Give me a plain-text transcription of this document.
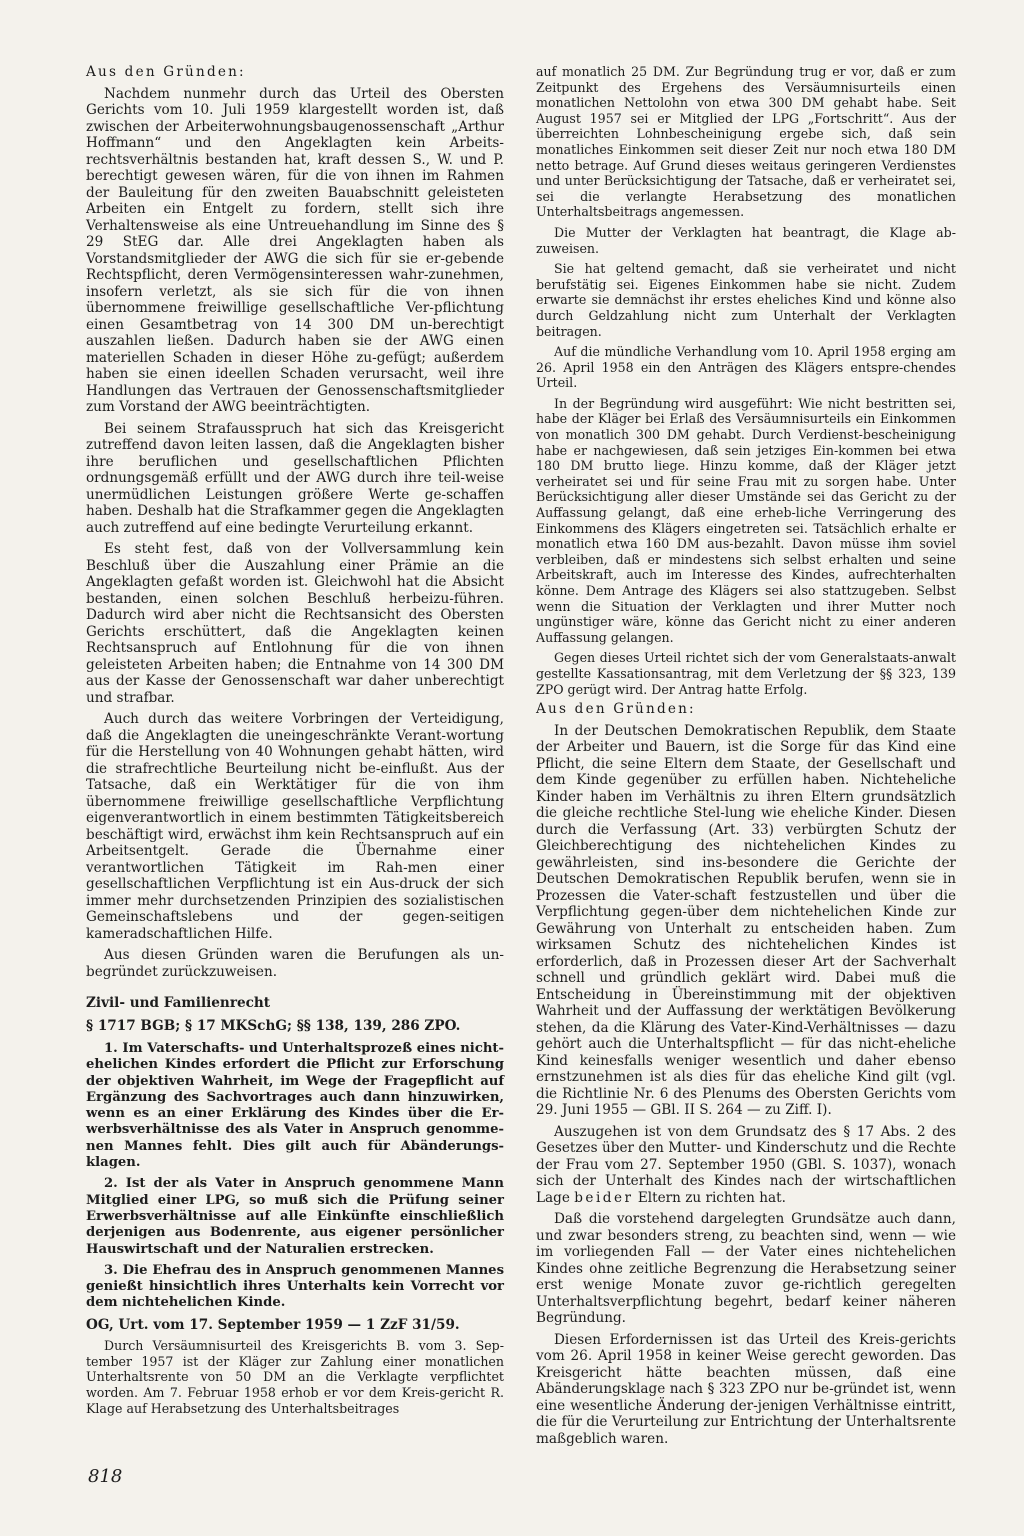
Aus den Gründen:

Nachdem nunmehr durch das Urteil des Obersten Gerichts vom 10. Juli 1959 klargestellt worden ist, daß zwischen der Arbeiterwohnungsbaugenossenschaft „Arthur Hoffmann“ und den Angeklagten kein Arbeits-rechtsverhältnis bestanden hat, kraft dessen S., W. und P. berechtigt gewesen wären, für die von ihnen im Rahmen der Bauleitung für den zweiten Bauabschnitt geleisteten Arbeiten ein Entgelt zu fordern, stellt sich ihre Verhaltensweise als eine Untreuehandlung im Sinne des § 29 StEG dar. Alle drei Angeklagten haben als Vorstandsmitglieder der AWG die sich für sie er-gebende Rechtspflicht, deren Vermögensinteressen wahr-zunehmen, insofern verletzt, als sie sich für die von ihnen übernommene freiwillige gesellschaftliche Ver-pflichtung einen Gesamtbetrag von 14 300 DM un-berechtigt auszahlen ließen. Dadurch haben sie der AWG einen materiellen Schaden in dieser Höhe zu-gefügt; außerdem haben sie einen ideellen Schaden verursacht, weil ihre Handlungen das Vertrauen der Genossenschaftsmitglieder zum Vorstand der AWG beeinträchtigten.

Bei seinem Strafausspruch hat sich das Kreisgericht zutreffend davon leiten lassen, daß die Angeklagten bisher ihre beruflichen und gesellschaftlichen Pflichten ordnungsgemäß erfüllt und der AWG durch ihre teil-weise unermüdlichen Leistungen größere Werte ge-schaffen haben. Deshalb hat die Strafkammer gegen die Angeklagten auch zutreffend auf eine bedingte Verurteilung erkannt.

Es steht fest, daß von der Vollversammlung kein Beschluß über die Auszahlung einer Prämie an die Angeklagten gefaßt worden ist. Gleichwohl hat die Absicht bestanden, einen solchen Beschluß herbeizu-führen. Dadurch wird aber nicht die Rechtsansicht des Obersten Gerichts erschüttert, daß die Angeklagten keinen Rechtsanspruch auf Entlohnung für die von ihnen geleisteten Arbeiten haben; die Entnahme von 14 300 DM aus der Kasse der Genossenschaft war daher unberechtigt und strafbar.

Auch durch das weitere Vorbringen der Verteidigung, daß die Angeklagten die uneingeschränkte Verant-wortung für die Herstellung von 40 Wohnungen gehabt hätten, wird die strafrechtliche Beurteilung nicht be-einflußt. Aus der Tatsache, daß ein Werktätiger für die von ihm übernommene freiwillige gesellschaftliche Verpflichtung eigenverantwortlich in einem bestimmten Tätigkeitsbereich beschäftigt wird, erwächst ihm kein Rechtsanspruch auf ein Arbeitsentgelt. Gerade die Übernahme einer verantwortlichen Tätigkeit im Rah-men einer gesellschaftlichen Verpflichtung ist ein Aus-druck der sich immer mehr durchsetzenden Prinzipien des sozialistischen Gemeinschaftslebens und der gegen-seitigen kameradschaftlichen Hilfe.

Aus diesen Gründen waren die Berufungen als un-begründet zurückzuweisen.

Zivil- und Familienrecht

§ 1717 BGB; § 17 MKSchG; §§ 138, 139, 286 ZPO.

1. Im Vaterschafts- und Unterhaltsprozeß eines nicht-ehelichen Kindes erfordert die Pflicht zur Erforschung der objektiven Wahrheit, im Wege der Fragepflicht auf Ergänzung des Sachvortrages auch dann hinzuwirken, wenn es an einer Erklärung des Kindes über die Er-werbsverhältnisse des als Vater in Anspruch genomme-nen Mannes fehlt. Dies gilt auch für Abänderungs-klagen.

2. Ist der als Vater in Anspruch genommene Mann Mitglied einer LPG, so muß sich die Prüfung seiner Erwerbsverhältnisse auf alle Einkünfte einschließlich derjenigen aus Bodenrente, aus eigener persönlicher Hauswirtschaft und der Naturalien erstrecken.

3. Die Ehefrau des in Anspruch genommenen Mannes genießt hinsichtlich ihres Unterhalts kein Vorrecht vor dem nichtehelichen Kinde.

OG, Urt. vom 17. September 1959 — 1 ZzF 31/59.

Durch Versäumnisurteil des Kreisgerichts B. vom 3. Sep-tember 1957 ist der Kläger zur Zahlung einer monatlichen Unterhaltsrente von 50 DM an die Verklagte verpflichtet worden. Am 7. Februar 1958 erhob er vor dem Kreis-gericht R. Klage auf Herabsetzung des Unterhaltsbeitrages

auf monatlich 25 DM. Zur Begründung trug er vor, daß er zum Zeitpunkt des Ergehens des Versäumnisurteils einen monatlichen Nettolohn von etwa 300 DM gehabt habe. Seit August 1957 sei er Mitglied der LPG „Fortschritt“. Aus der überreichten Lohnbescheinigung ergebe sich, daß sein monatliches Einkommen seit dieser Zeit nur noch etwa 180 DM netto betrage. Auf Grund dieses weitaus geringeren Verdienstes und unter Berücksichtigung der Tatsache, daß er verheiratet sei, sei die verlangte Herabsetzung des monatlichen Unterhaltsbeitrags angemessen.

Die Mutter der Verklagten hat beantragt, die Klage ab-zuweisen.

Sie hat geltend gemacht, daß sie verheiratet und nicht berufstätig sei. Eigenes Einkommen habe sie nicht. Zudem erwarte sie demnächst ihr erstes eheliches Kind und könne also durch Geldzahlung nicht zum Unterhalt der Verklagten beitragen.

Auf die mündliche Verhandlung vom 10. April 1958 erging am 26. April 1958 ein den Anträgen des Klägers entspre-chendes Urteil.

In der Begründung wird ausgeführt: Wie nicht bestritten sei, habe der Kläger bei Erlaß des Versäumnisurteils ein Einkommen von monatlich 300 DM gehabt. Durch Verdienst-bescheinigung habe er nachgewiesen, daß sein jetziges Ein-kommen bei etwa 180 DM brutto liege. Hinzu komme, daß der Kläger jetzt verheiratet sei und für seine Frau mit zu sorgen habe. Unter Berücksichtigung aller dieser Umstände sei das Gericht zu der Auffassung gelangt, daß eine erheb-liche Verringerung des Einkommens des Klägers eingetreten sei. Tatsächlich erhalte er monatlich etwa 160 DM aus-bezahlt. Davon müsse ihm soviel verbleiben, daß er mindestens sich selbst erhalten und seine Arbeitskraft, auch im Interesse des Kindes, aufrechterhalten könne. Dem Antrage des Klägers sei also stattzugeben. Selbst wenn die Situation der Verklagten und ihrer Mutter noch ungünstiger wäre, könne das Gericht nicht zu einer anderen Auffassung gelangen.

Gegen dieses Urteil richtet sich der vom Generalstaats-anwalt gestellte Kassationsantrag, mit dem Verletzung der §§ 323, 139 ZPO gerügt wird. Der Antrag hatte Erfolg.

Aus den Gründen:

In der Deutschen Demokratischen Republik, dem Staate der Arbeiter und Bauern, ist die Sorge für das Kind eine Pflicht, die seine Eltern dem Staate, der Gesellschaft und dem Kinde gegenüber zu erfüllen haben. Nichteheliche Kinder haben im Verhältnis zu ihren Eltern grundsätzlich die gleiche rechtliche Stel-lung wie eheliche Kinder. Diesen durch die Verfassung (Art. 33) verbürgten Schutz der Gleichberechtigung des nichtehelichen Kindes zu gewährleisten, sind ins-besondere die Gerichte der Deutschen Demokratischen Republik berufen, wenn sie in Prozessen die Vater-schaft festzustellen und über die Verpflichtung gegen-über dem nichtehelichen Kinde zur Gewährung von Unterhalt zu entscheiden haben. Zum wirksamen Schutz des nichtehelichen Kindes ist erforderlich, daß in Prozessen dieser Art der Sachverhalt schnell und gründlich geklärt wird. Dabei muß die Entscheidung in Übereinstimmung mit der objektiven Wahrheit und der Auffassung der werktätigen Bevölkerung stehen, da die Klärung des Vater-Kind-Verhältnisses — dazu gehört auch die Unterhaltspflicht — für das nicht-eheliche Kind keinesfalls weniger wesentlich und daher ebenso ernstzunehmen ist als dies für das eheliche Kind gilt (vgl. die Richtlinie Nr. 6 des Plenums des Obersten Gerichts vom 29. Juni 1955 — GBl. II S. 264 — zu Ziff. I).

Auszugehen ist von dem Grundsatz des § 17 Abs. 2 des Gesetzes über den Mutter- und Kinderschutz und die Rechte der Frau vom 27. September 1950 (GBl. S. 1037), wonach sich der Unterhalt des Kindes nach der wirtschaftlichen Lage beider Eltern zu richten hat.

Daß die vorstehend dargelegten Grundsätze auch dann, und zwar besonders streng, zu beachten sind, wenn — wie im vorliegenden Fall — der Vater eines nichtehelichen Kindes ohne zeitliche Begrenzung die Herabsetzung seiner erst wenige Monate zuvor ge-richtlich geregelten Unterhaltsverpflichtung begehrt, bedarf keiner näheren Begründung.

Diesen Erfordernissen ist das Urteil des Kreis-gerichts vom 26. April 1958 in keiner Weise gerecht geworden. Das Kreisgericht hätte beachten müssen, daß eine Abänderungsklage nach § 323 ZPO nur be-gründet ist, wenn eine wesentliche Änderung der-jenigen Verhältnisse eintritt, die für die Verurteilung zur Entrichtung der Unterhaltsrente maßgeblich waren.

818
